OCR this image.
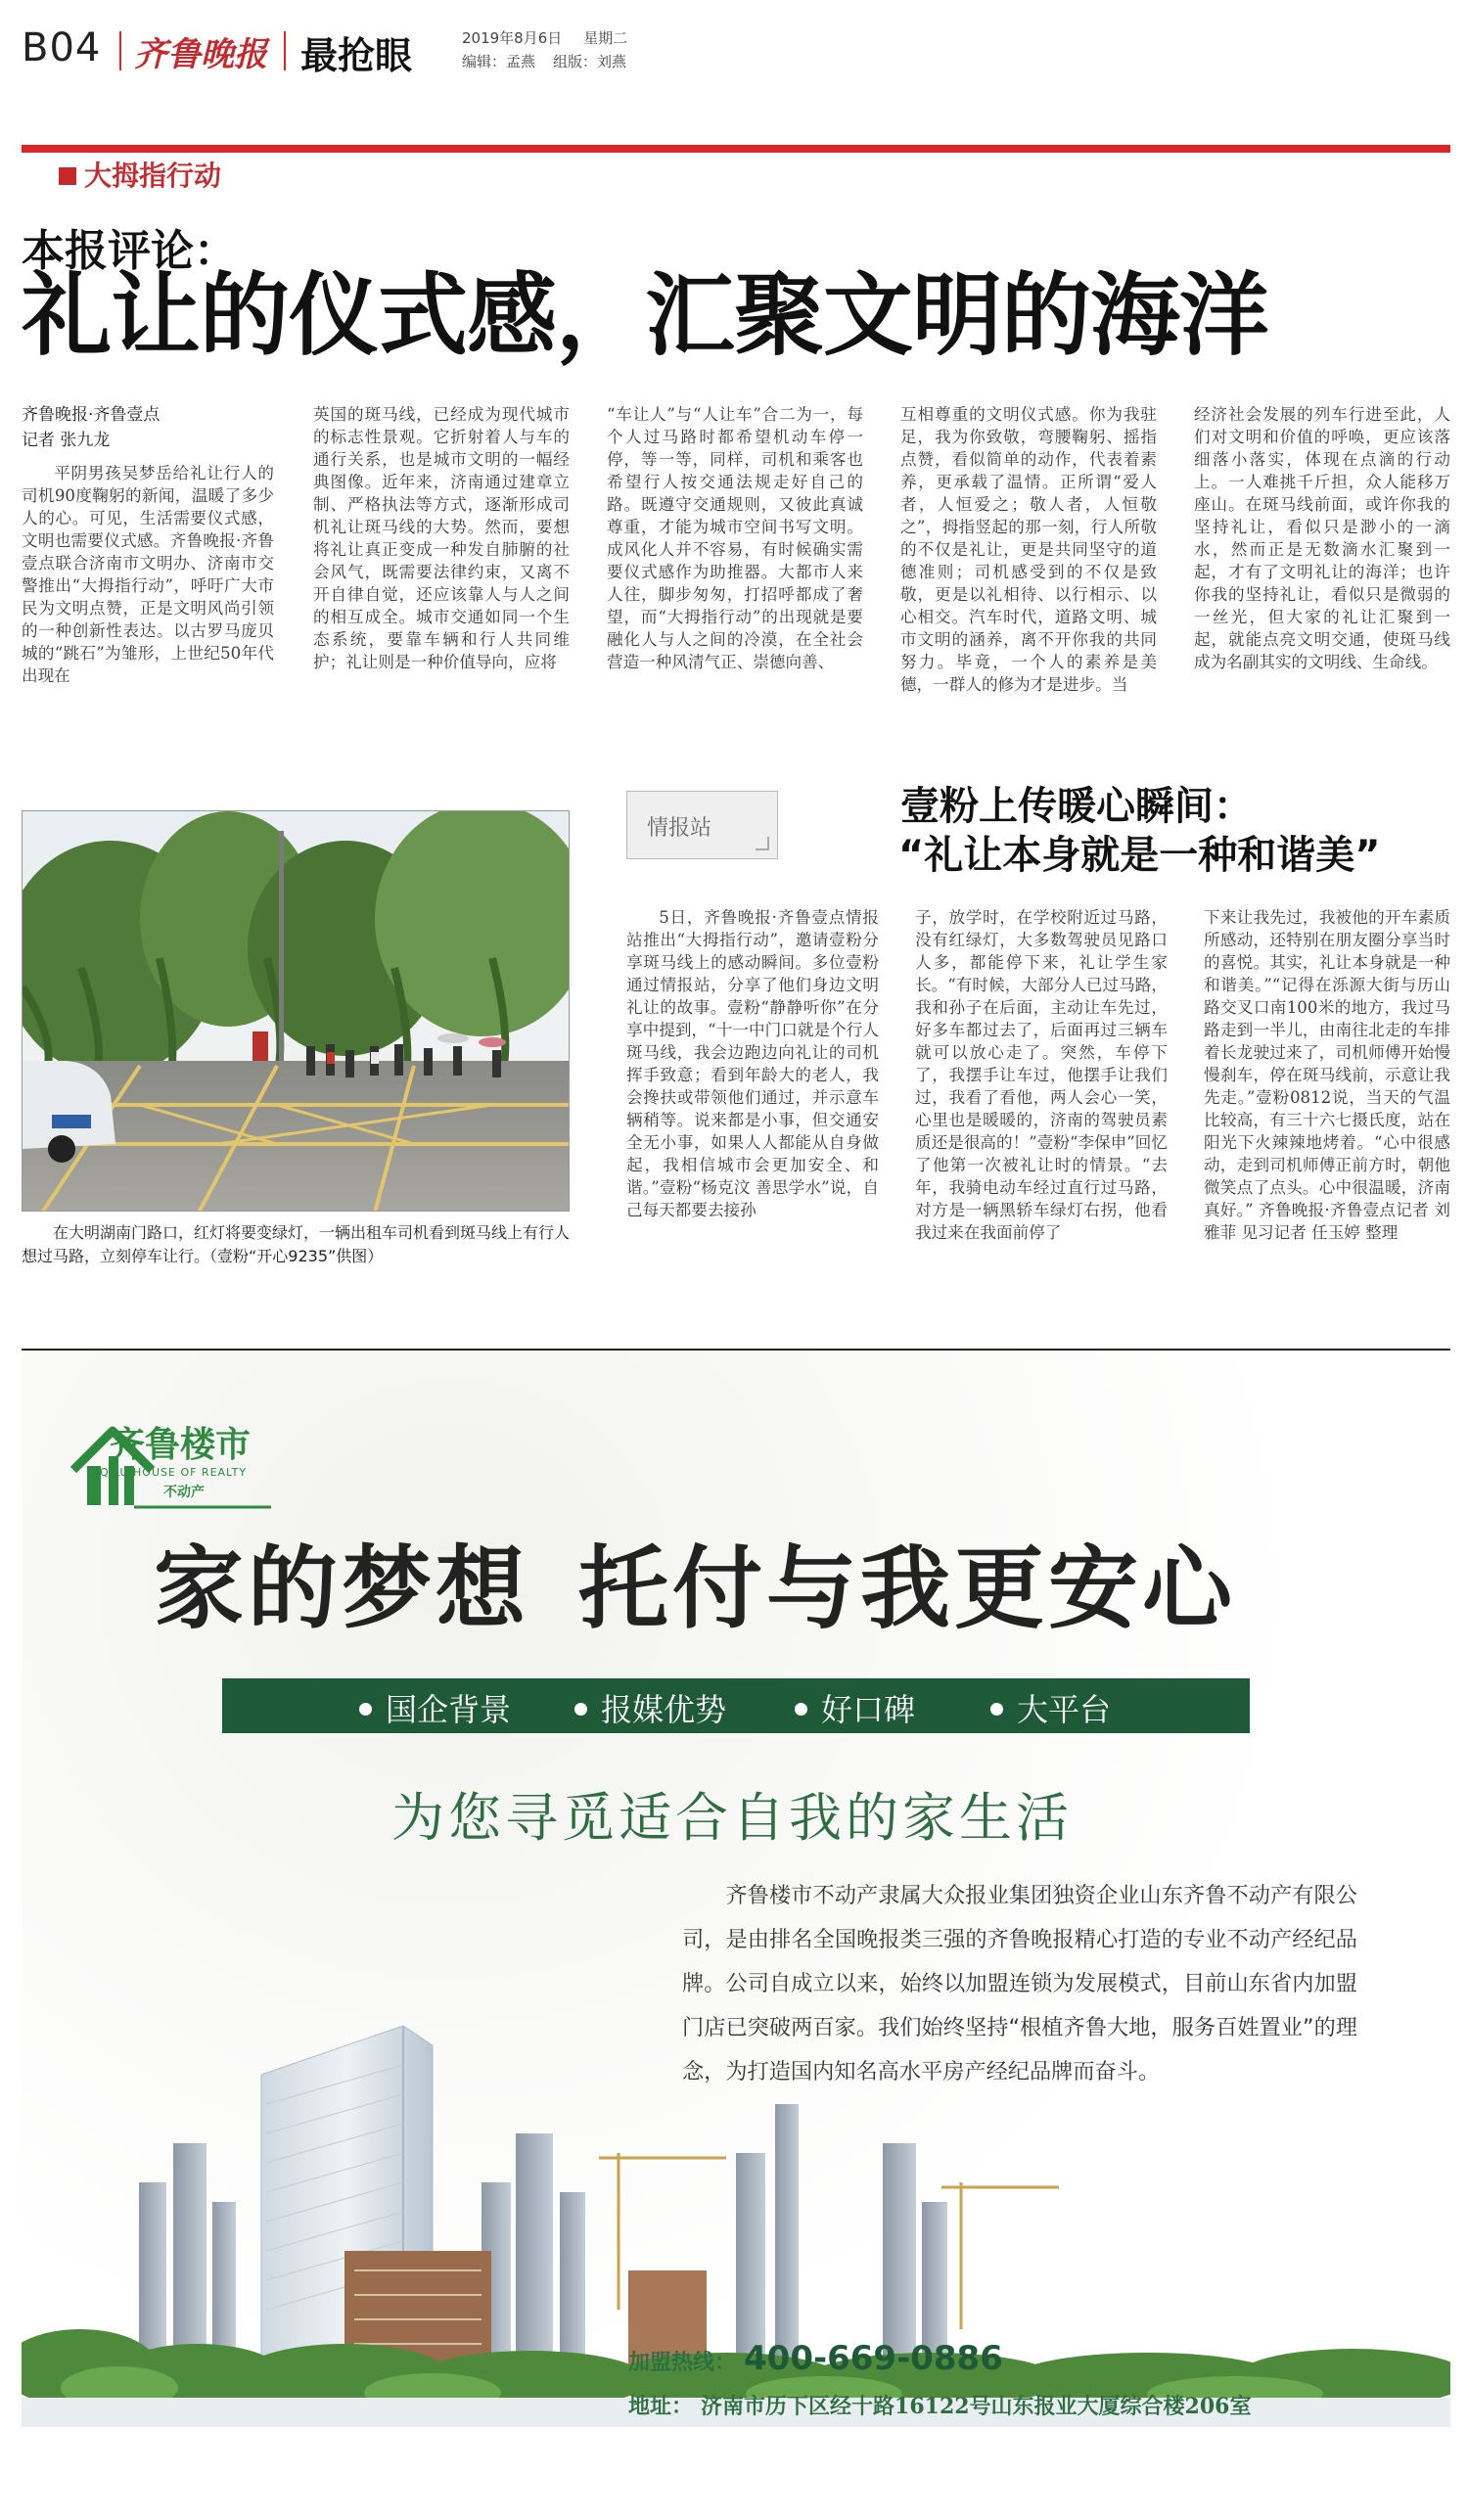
B04 齐鲁晚报 最抢眼	2019年8月6日 星期二
编辑：孟燕 组版：刘燕
大拇指行动
本报评论：
礼让的仪式感，汇聚文明的海洋
齐鲁晚报·齐鲁壹点
记者 张九龙

平阴男孩吴梦岳给礼让行人的司机90度鞠躬的新闻，温暖了多少人的心。可见，生活需要仪式感，文明也需要仪式感。齐鲁晚报·齐鲁壹点联合济南市文明办、济南市交警推出“大拇指行动”，呼吁广大市民为文明点赞，正是文明风尚引领的一种创新性表达。以古罗马庞贝城的“跳石”为雏形，上世纪50年代出现在

英国的斑马线，已经成为现代城市的标志性景观。它折射着人与车的通行关系，也是城市文明的一幅经典图像。近年来，济南通过建章立制、严格执法等方式，逐渐形成司机礼让斑马线的大势。然而，要想将礼让真正变成一种发自肺腑的社会风气，既需要法律约束，又离不开自律自觉，还应该靠人与人之间的相互成全。城市交通如同一个生态系统，要靠车辆和行人共同维护；礼让则是一种价值导向，应将

“车让人”与“人让车”合二为一，每个人过马路时都希望机动车停一停，等一等，同样，司机和乘客也希望行人按交通法规走好自己的路。既遵守交通规则，又彼此真诚尊重，才能为城市空间书写文明。成风化人并不容易，有时候确实需要仪式感作为助推器。大都市人来人往，脚步匆匆，打招呼都成了奢望，而“大拇指行动”的出现就是要融化人与人之间的冷漠，在全社会营造一种风清气正、崇德向善、

互相尊重的文明仪式感。你为我驻足，我为你致敬，弯腰鞠躬、摇指点赞，看似简单的动作，代表着素养，更承载了温情。正所谓“爱人者，人恒爱之；敬人者，人恒敬之”，拇指竖起的那一刻，行人所敬的不仅是礼让，更是共同坚守的道德准则；司机感受到的不仅是致敬，更是以礼相待、以行相示、以心相交。汽车时代，道路文明、城市文明的涵养，离不开你我的共同努力。毕竟，一个人的素养是美德，一群人的修为才是进步。当

经济社会发展的列车行进至此，人们对文明和价值的呼唤，更应该落细落小落实，体现在点滴的行动上。一人难挑千斤担，众人能移万座山。在斑马线前面，或许你我的坚持礼让，看似只是渺小的一滴水，然而正是无数滴水汇聚到一起，才有了文明礼让的海洋；也许你我的坚持礼让，看似只是微弱的一丝光，但大家的礼让汇聚到一起，就能点亮文明交通，使斑马线成为名副其实的文明线、生命线。

在大明湖南门路口，红灯将要变绿灯，一辆出租车司机看到斑马线上有行人想过马路，立刻停车让行。（壹粉“开心9235”供图）
情报站	壹粉上传暖心瞬间：
“礼让本身就是一种和谐美”

5日，齐鲁晚报·齐鲁壹点情报站推出“大拇指行动”，邀请壹粉分享斑马线上的感动瞬间。多位壹粉通过情报站，分享了他们身边文明礼让的故事。壹粉“静静听你”在分享中提到，“十一中门口就是个行人斑马线，我会边跑边向礼让的司机挥手致意；看到年龄大的老人，我会搀扶或带领他们通过，并示意车辆稍等。说来都是小事，但交通安全无小事，如果人人都能从自身做起，我相信城市会更加安全、和谐。”壹粉“杨克汶 善思学水”说，自己每天都要去接孙

子，放学时，在学校附近过马路，没有红绿灯，大多数驾驶员见路口人多，都能停下来，礼让学生家长。“有时候，大部分人已过马路，我和孙子在后面，主动让车先过，好多车都过去了，后面再过三辆车就可以放心走了。突然，车停下了，我摆手让车过，他摆手让我们过，我看了看他，两人会心一笑，心里也是暖暖的，济南的驾驶员素质还是很高的！”壹粉“李保申”回忆了他第一次被礼让时的情景。“去年，我骑电动车经过直行过马路，对方是一辆黑轿车绿灯右拐，他看我过来在我面前停了

下来让我先过，我被他的开车素质所感动，还特别在朋友圈分享当时的喜悦。其实，礼让本身就是一种和谐美。”“记得在泺源大街与历山路交叉口南100米的地方，我过马路走到一半儿，由南往北走的车排着长龙驶过来了，司机师傅开始慢慢刹车，停在斑马线前，示意让我先走。”壹粉0812说，当天的气温比较高，有三十六七摄氏度，站在阳光下火辣辣地烤着。“心中很感动，走到司机师傅正前方时，朝他微笑点了点头。心中很温暖，济南真好。” 齐鲁晚报·齐鲁壹点记者 刘雅菲 见习记者 任玉婷 整理

齐鲁楼市
QILU HOUSE OF REALTY
不动产
家的梦想 托付与我更安心
国企背景	报媒优势	好口碑	大平台
为您寻觅适合自我的家生活
齐鲁楼市不动产隶属大众报业集团独资企业山东齐鲁不动产有限公司，是由排名全国晚报类三强的齐鲁晚报精心打造的专业不动产经纪品牌。公司自成立以来，始终以加盟连锁为发展模式，目前山东省内加盟门店已突破两百家。我们始终坚持“根植齐鲁大地，服务百姓置业”的理念，为打造国内知名高水平房产经纪品牌而奋斗。
加盟热线： 400-669-0886
地址： 济南市历下区经十路16122号山东报业大厦综合楼206室
